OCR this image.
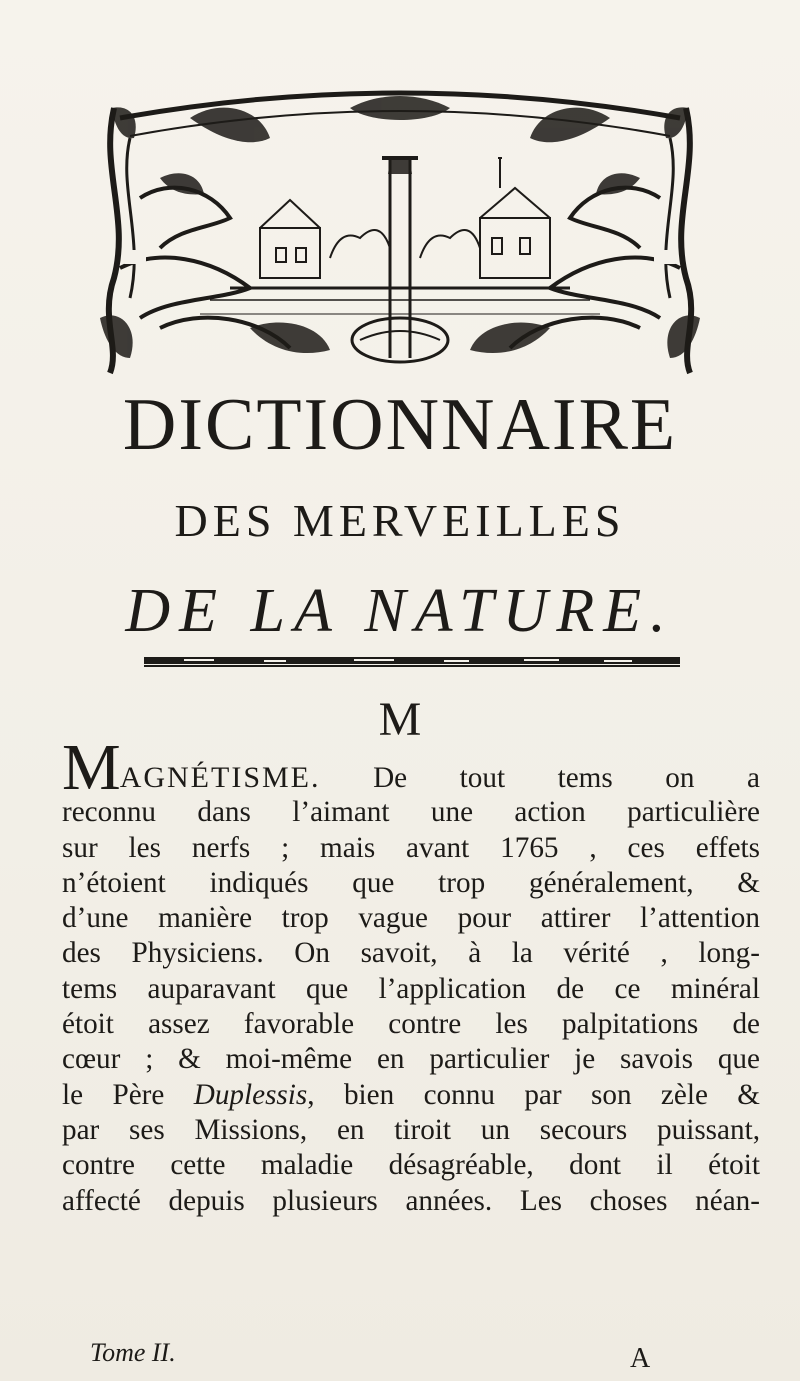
DICTIONNAIRE
DES MERVEILLES
DE LA NATURE.
M
MAGNÉTISME. De tout tems on a
reconnu dans l’aimant une action particulière
sur les nerfs ; mais avant 1765 , ces effets
n’étoient indiqués que trop généralement, &
d’une manière trop vague pour attirer l’attention
des Physiciens. On savoit, à la vérité , long-
tems auparavant que l’application de ce minéral
étoit assez favorable contre les palpitations de
cœur ; & moi-même en particulier je savois que
le Père Duplessis, bien connu par son zèle &
par ses Missions, en tiroit un secours puissant,
contre cette maladie désagréable, dont il étoit
affecté depuis plusieurs années. Les choses néan-
Tome II.	A
